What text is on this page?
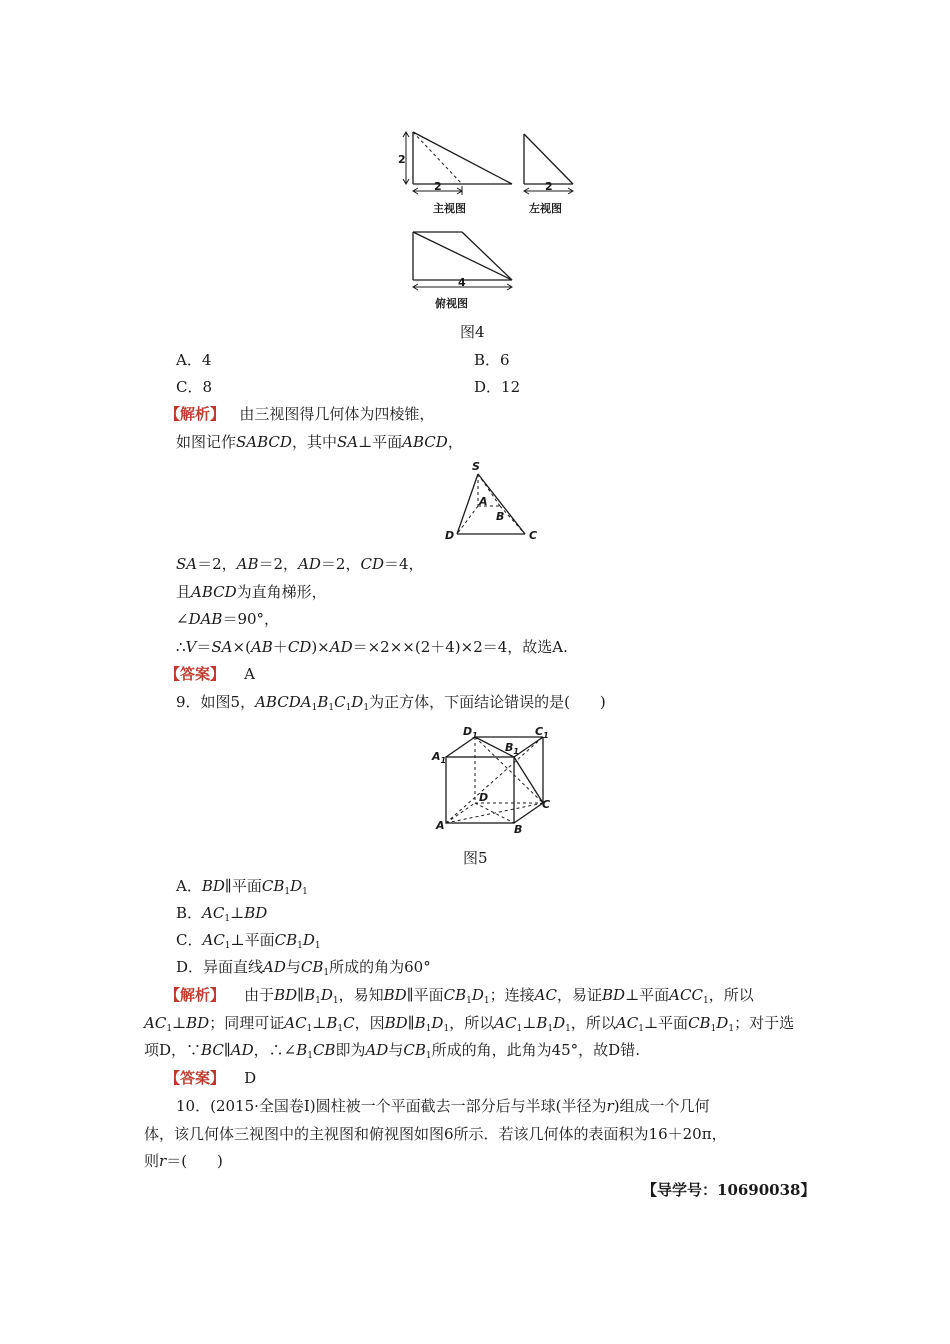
2
2
主视图
2
左视图
4
俯视图
图4
A．4	B．6
C．8	D．12
【解析】 由三视图得几何体为四棱锥，
如图记作SABCD，其中SA⊥平面ABCD，
S
A
B
C
D
SA＝2，AB＝2，AD＝2，CD＝4，
且ABCD为直角梯形，
∠DAB＝90°，
∴V＝SA×(AB＋CD)×AD＝×2××(2＋4)×2＝4，故选A.
【答案】 A
9．如图5，$ABCDA_1B_1C_1D_1$为正方体，下面结论错误的是(　　)
$D_1$	$C_1$
$B_1$
$A_1$
D
C
A	B
图5
A．BD∥平面$CB_1D_1$
B．$AC_1\perp BD$
C．$AC_1\perp$平面$CB_1D_1$
D．异面直线AD与$CB_1$所成的角为60°
【解析】 由于$BD\parallel B_1D_1$，易知BD∥平面$CB_1D_1$；连接AC，易证BD⊥平面$ACC_1$，所以
$AC_1\perp BD$；同理可证$AC_1\perp B_1C$，因$BD\parallel B_1D_1$，所以$AC_1\perp B_1D_1$，所以$AC_1\perp$平面$CB_1D_1$；对于选
项D，∵BC∥AD，$\therefore\angle B_1CB$即为AD与$CB_1$所成的角，此角为45°，故D错.
【答案】 D
10．(2015·全国卷Ⅰ)圆柱被一个平面截去一部分后与半球(半径为r)组成一个几何
体，该几何体三视图中的主视图和俯视图如图6所示．若该几何体的表面积为16＋20π，
则r＝(　　)
【导学号：10690038】
